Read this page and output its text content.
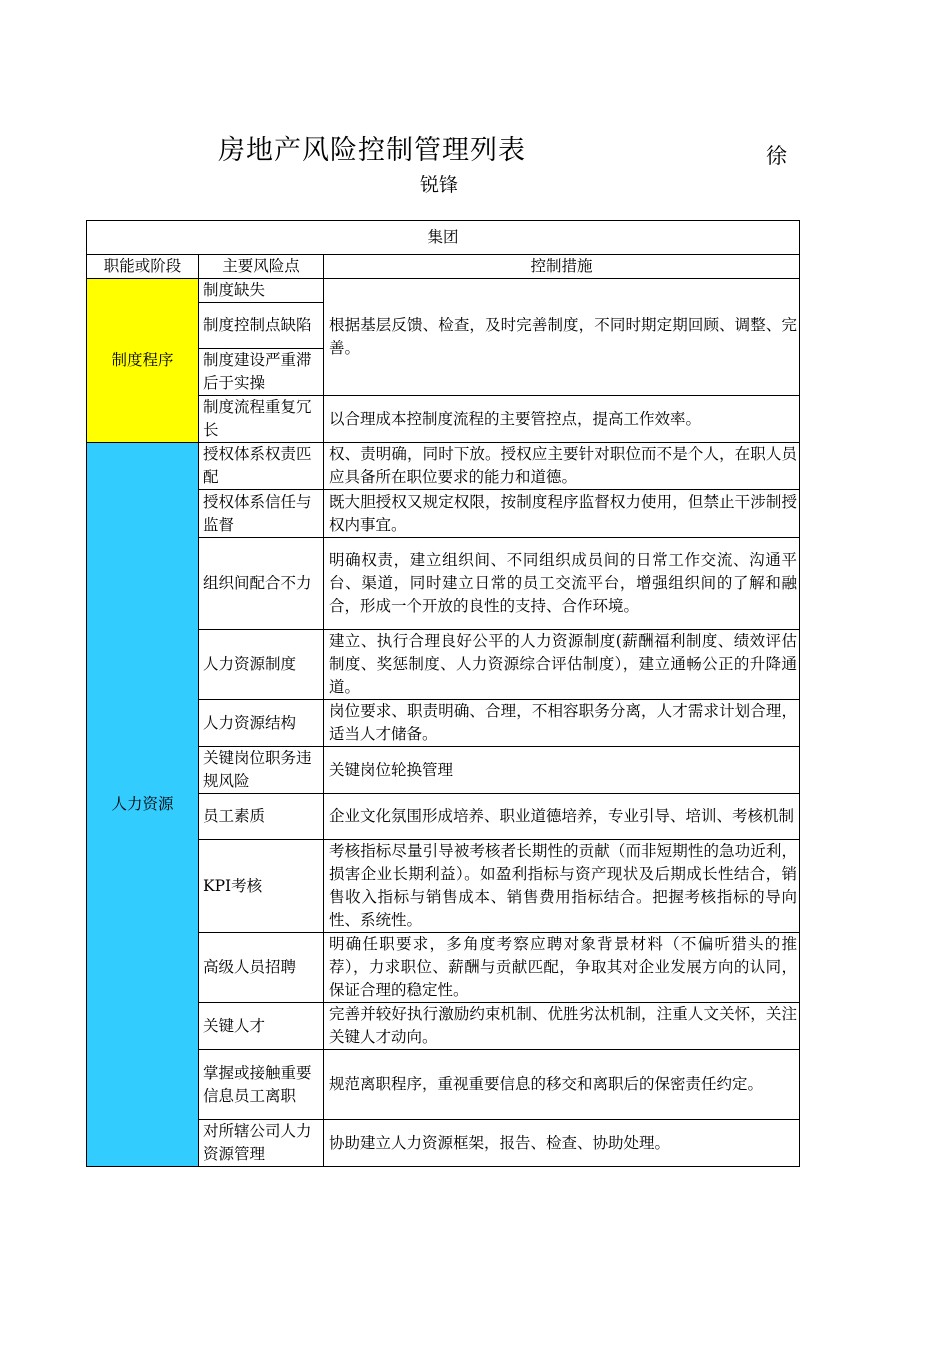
房地产风险控制管理列表	徐
锐锋
集团		
职能或阶段	主要风险点	控制措施
制度程序	制度缺失	根据基层反馈、检查，及时完善制度，不同时期定期回顾、调整、完善。
	制度控制点缺陷	
	制度建设严重滞后于实操	
	制度流程重复冗长	以合理成本控制度流程的主要管控点，提高工作效率。

人力资源	授权体系权责匹配	权、责明确，同时下放。授权应主要针对职位而不是个人，在职人员应具备所在职位要求的能力和道德。
	授权体系信任与监督	既大胆授权又规定权限，按制度程序监督权力使用，但禁止干涉制授权内事宜。
	组织间配合不力	明确权责，建立组织间、不同组织成员间的日常工作交流、沟通平台、渠道，同时建立日常的员工交流平台，增强组织间的了解和融合，形成一个开放的良性的支持、合作环境。
	人力资源制度	建立、执行合理良好公平的人力资源制度(薪酬福利制度、绩效评估制度、奖惩制度、人力资源综合评估制度），建立通畅公正的升降通道。
	人力资源结构	岗位要求、职责明确、合理，不相容职务分离，人才需求计划合理，适当人才储备。
	关键岗位职务违规风险	关键岗位轮换管理
	员工素质	企业文化氛围形成培养、职业道德培养，专业引导、培训、考核机制
	KPI考核	考核指标尽量引导被考核者长期性的贡献（而非短期性的急功近利，损害企业长期利益）。如盈利指标与资产现状及后期成长性结合，销售收入指标与销售成本、销售费用指标结合。把握考核指标的导向性、系统性。
	高级人员招聘	明确任职要求，多角度考察应聘对象背景材料（不偏听猎头的推荐），力求职位、薪酬与贡献匹配，争取其对企业发展方向的认同，保证合理的稳定性。
	关键人才	完善并较好执行激励约束机制、优胜劣汰机制，注重人文关怀，关注关键人才动向。
	掌握或接触重要信息员工离职	规范离职程序，重视重要信息的移交和离职后的保密责任约定。
	对所辖公司人力资源管理	协助建立人力资源框架，报告、检查、协助处理。
